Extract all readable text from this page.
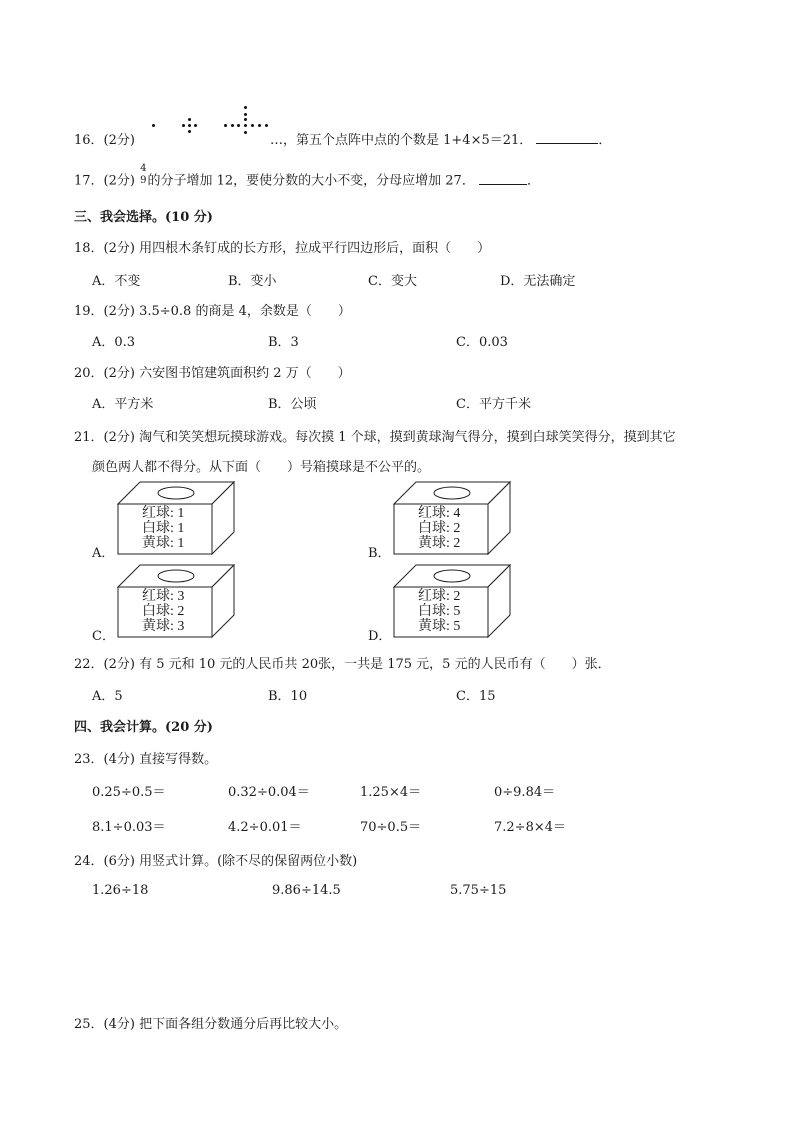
16．(2分)	…，第五个点阵中点的个数是 1+4×5＝21．	．
17．(2分)
4
9 的分子增加 12，要使分数的大小不变，分母应增加 27．	．
三、我会选择。(10 分)
18．(2分) 用四根木条钉成的长方形，拉成平行四边形后，面积（　　）
A．不变	B．变小	C．变大	D．无法确定
19．(2分) 3.5÷0.8 的商是 4，余数是（　　）
A．0.3	B．3	C．0.03
20．(2分) 六安图书馆建筑面积约 2 万（　　）
A．平方米	B．公顷	C．平方千米
21．(2分) 淘气和笑笑想玩摸球游戏。每次摸 1 个球，摸到黄球淘气得分，摸到白球笑笑得分，摸到其它
颜色两人都不得分。从下面（　　）号箱摸球是不公平的。
A．
红球: 1
白球: 1
黄球: 1
B．
红球: 4
白球: 2
黄球: 2
C．
红球: 3
白球: 2
黄球: 3
D．
红球: 2
白球: 5
黄球: 5
22．(2分) 有 5 元和 10 元的人民币共 20张，一共是 175 元，5 元的人民币有（　　）张．
A．5	B．10	C．15
四、我会计算。(20 分)
23．(4分) 直接写得数。
0.25÷0.5＝	0.32÷0.04＝	1.25×4＝	0÷9.84＝
8.1÷0.03＝	4.2÷0.01＝	70÷0.5＝	7.2÷8×4＝
24．(6分) 用竖式计算。(除不尽的保留两位小数)
1.26÷18	9.86÷14.5	5.75÷15
25．(4分) 把下面各组分数通分后再比较大小。
